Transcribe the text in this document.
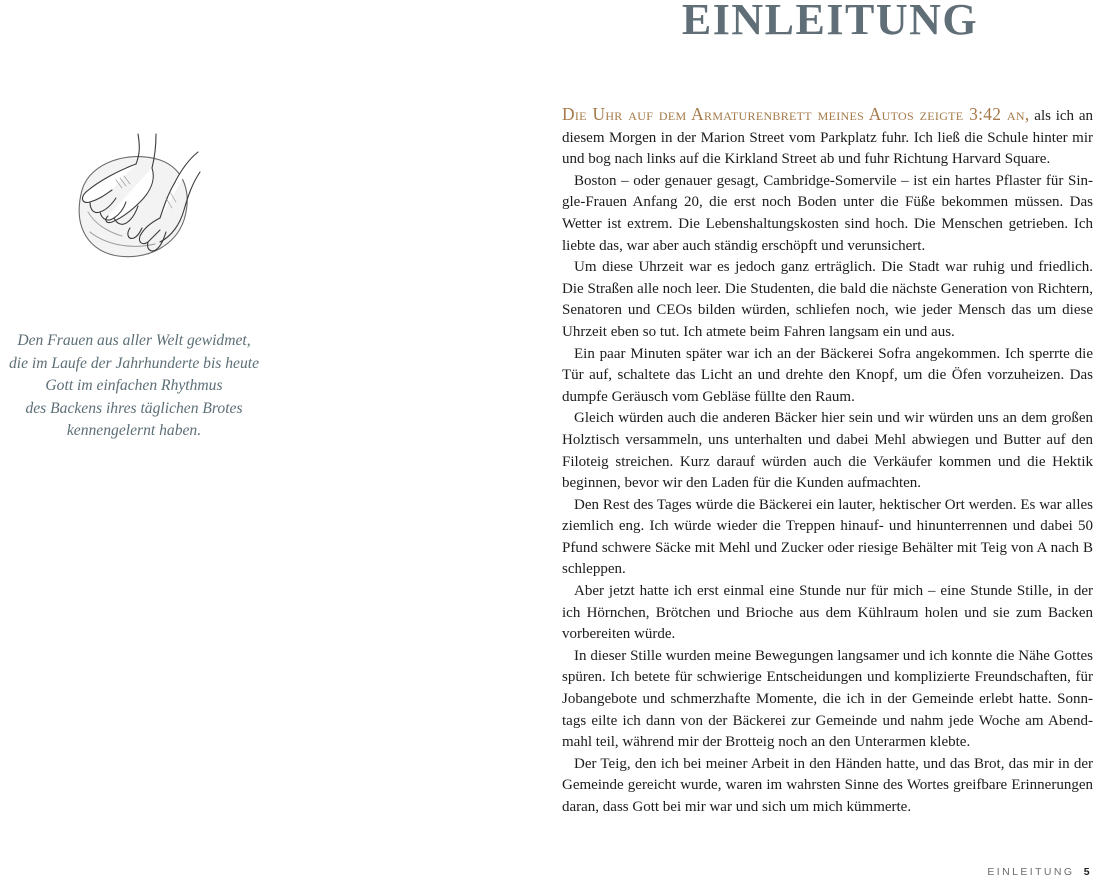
Den Frauen aus aller Welt gewidmet,
die im Laufe der Jahrhunderte bis heute
Gott im einfachen Rhythmus
des Backens ihres täglichen Brotes
kennengelernt haben.
EINLEITUNG

Die Uhr auf dem Armaturenbrett meines Autos zeigte 3:42 an, als ich an diesem Morgen in der Marion Street vom Parkplatz fuhr. Ich ließ die Schule hinter mir und bog nach links auf die Kirkland Street ab und fuhr Richtung Harvard Square.

Boston – oder genauer gesagt, Cambridge-Somervile – ist ein hartes Pflaster für Single-Frauen Anfang 20, die erst noch Boden unter die Füße bekommen müssen. Das Wetter ist extrem. Die Lebenshaltungskosten sind hoch. Die Menschen getrieben. Ich liebte das, war aber auch ständig erschöpft und verunsichert.

Um diese Uhrzeit war es jedoch ganz erträglich. Die Stadt war ruhig und friedlich. Die Straßen alle noch leer. Die Studenten, die bald die nächste Generation von Richtern, Senatoren und CEOs bilden würden, schliefen noch, wie jeder Mensch das um diese Uhrzeit eben so tut. Ich atmete beim Fahren langsam ein und aus.

Ein paar Minuten später war ich an der Bäckerei Sofra angekommen. Ich sperrte die Tür auf, schaltete das Licht an und drehte den Knopf, um die Öfen vorzuheizen. Das dumpfe Geräusch vom Gebläse füllte den Raum.

Gleich würden auch die anderen Bäcker hier sein und wir würden uns an dem großen Holztisch versammeln, uns unterhalten und dabei Mehl abwiegen und Butter auf den Filoteig streichen. Kurz darauf würden auch die Verkäufer kommen und die Hektik beginnen, bevor wir den Laden für die Kunden aufmachten.

Den Rest des Tages würde die Bäckerei ein lauter, hektischer Ort werden. Es war alles ziemlich eng. Ich würde wieder die Treppen hinauf- und hinunterrennen und dabei 50 Pfund schwere Säcke mit Mehl und Zucker oder riesige Behälter mit Teig von A nach B schleppen.

Aber jetzt hatte ich erst einmal eine Stunde nur für mich – eine Stunde Stille, in der ich Hörnchen, Brötchen und Brioche aus dem Kühlraum holen und sie zum Backen vorbereiten würde.

In dieser Stille wurden meine Bewegungen langsamer und ich konnte die Nähe Gottes spüren. Ich betete für schwierige Entscheidungen und komplizierte Freundschaften, für Jobangebote und schmerzhafte Momente, die ich in der Gemeinde erlebt hatte. Sonntags eilte ich dann von der Bäckerei zur Gemeinde und nahm jede Woche am Abendmahl teil, während mir der Brotteig noch an den Unterarmen klebte.

Der Teig, den ich bei meiner Arbeit in den Händen hatte, und das Brot, das mir in der Gemeinde gereicht wurde, waren im wahrsten Sinne des Wortes greifbare Erinnerungen daran, dass Gott bei mir war und sich um mich kümmerte.

EINLEITUNG 5
